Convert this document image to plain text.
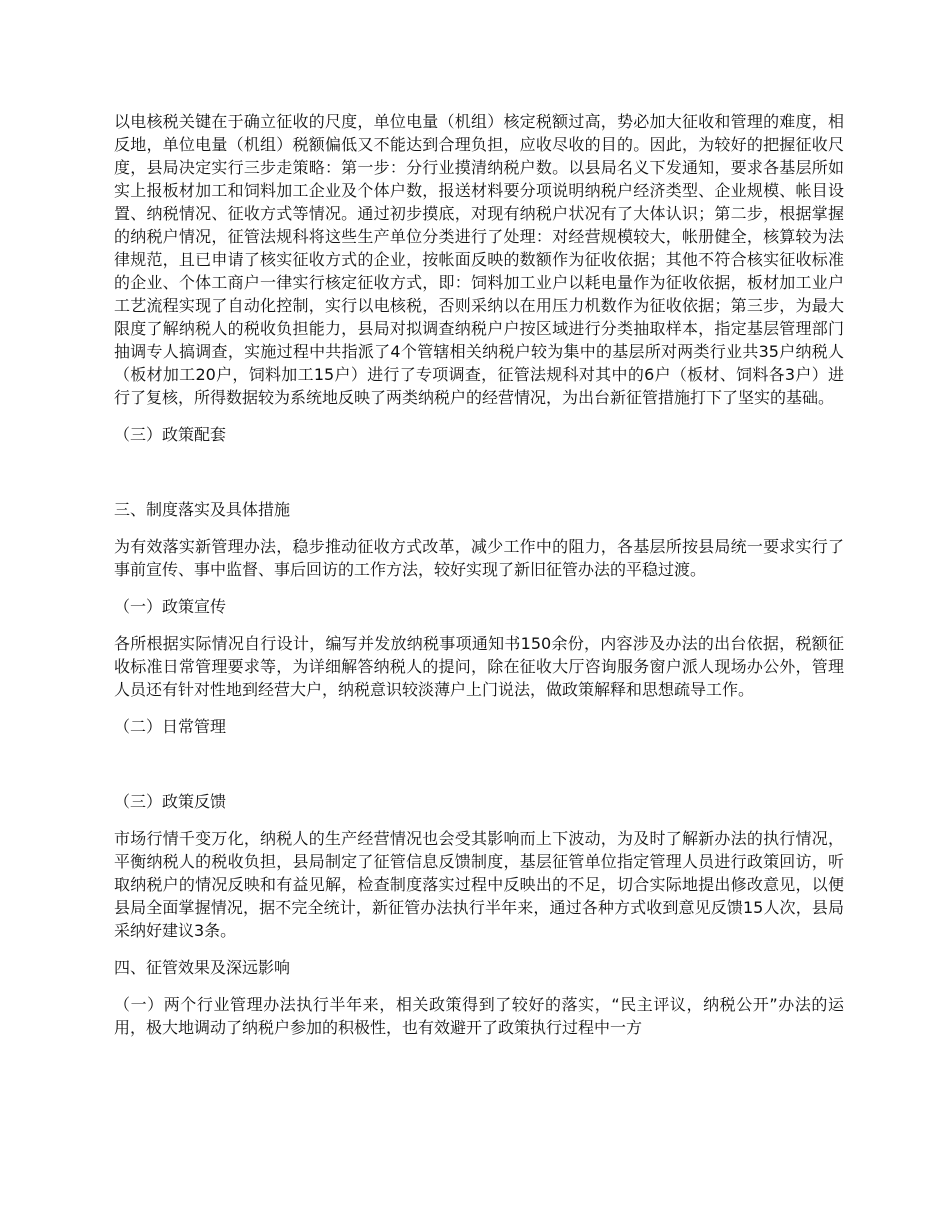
以电核税关键在于确立征收的尺度，单位电量（机组）核定税额过高，势必加大征收和管理的难度，相反地，单位电量（机组）税额偏低又不能达到合理负担，应收尽收的目的。因此，为较好的把握征收尺度，县局决定实行三步走策略：第一步：分行业摸清纳税户数。以县局名义下发通知，要求各基层所如实上报板材加工和饲料加工企业及个体户数，报送材料要分项说明纳税户经济类型、企业规模、帐目设置、纳税情况、征收方式等情况。通过初步摸底，对现有纳税户状况有了大体认识；第二步，根据掌握的纳税户情况，征管法规科将这些生产单位分类进行了处理：对经营规模较大，帐册健全，核算较为法律规范，且已申请了核实征收方式的企业，按帐面反映的数额作为征收依据；其他不符合核实征收标准的企业、个体工商户一律实行核定征收方式，即：饲料加工业户以耗电量作为征收依据，板材加工业户工艺流程实现了自动化控制，实行以电核税，否则采纳以在用压力机数作为征收依据；第三步，为最大限度了解纳税人的税收负担能力，县局对拟调查纳税户户按区域进行分类抽取样本，指定基层管理部门抽调专人搞调查，实施过程中共指派了4个管辖相关纳税户较为集中的基层所对两类行业共35户纳税人（板材加工20户，饲料加工15户）进行了专项调查，征管法规科对其中的6户（板材、饲料各3户）进行了复核，所得数据较为系统地反映了两类纳税户的经营情况，为出台新征管措施打下了坚实的基础。

（三）政策配套

三、制度落实及具体措施

为有效落实新管理办法，稳步推动征收方式改革，减少工作中的阻力，各基层所按县局统一要求实行了事前宣传、事中监督、事后回访的工作方法，较好实现了新旧征管办法的平稳过渡。

（一）政策宣传

各所根据实际情况自行设计，编写并发放纳税事项通知书150余份，内容涉及办法的出台依据，税额征收标准日常管理要求等，为详细解答纳税人的提问，除在征收大厅咨询服务窗户派人现场办公外，管理人员还有针对性地到经营大户，纳税意识较淡薄户上门说法，做政策解释和思想疏导工作。

（二）日常管理

（三）政策反馈

市场行情千变万化，纳税人的生产经营情况也会受其影响而上下波动，为及时了解新办法的执行情况，平衡纳税人的税收负担，县局制定了征管信息反馈制度，基层征管单位指定管理人员进行政策回访，听取纳税户的情况反映和有益见解，检查制度落实过程中反映出的不足，切合实际地提出修改意见，以便县局全面掌握情况，据不完全统计，新征管办法执行半年来，通过各种方式收到意见反馈15人次，县局采纳好建议3条。

四、征管效果及深远影响

（一）两个行业管理办法执行半年来，相关政策得到了较好的落实，“民主评议，纳税公开”办法的运用，极大地调动了纳税户参加的积极性，也有效避开了政策执行过程中一方
